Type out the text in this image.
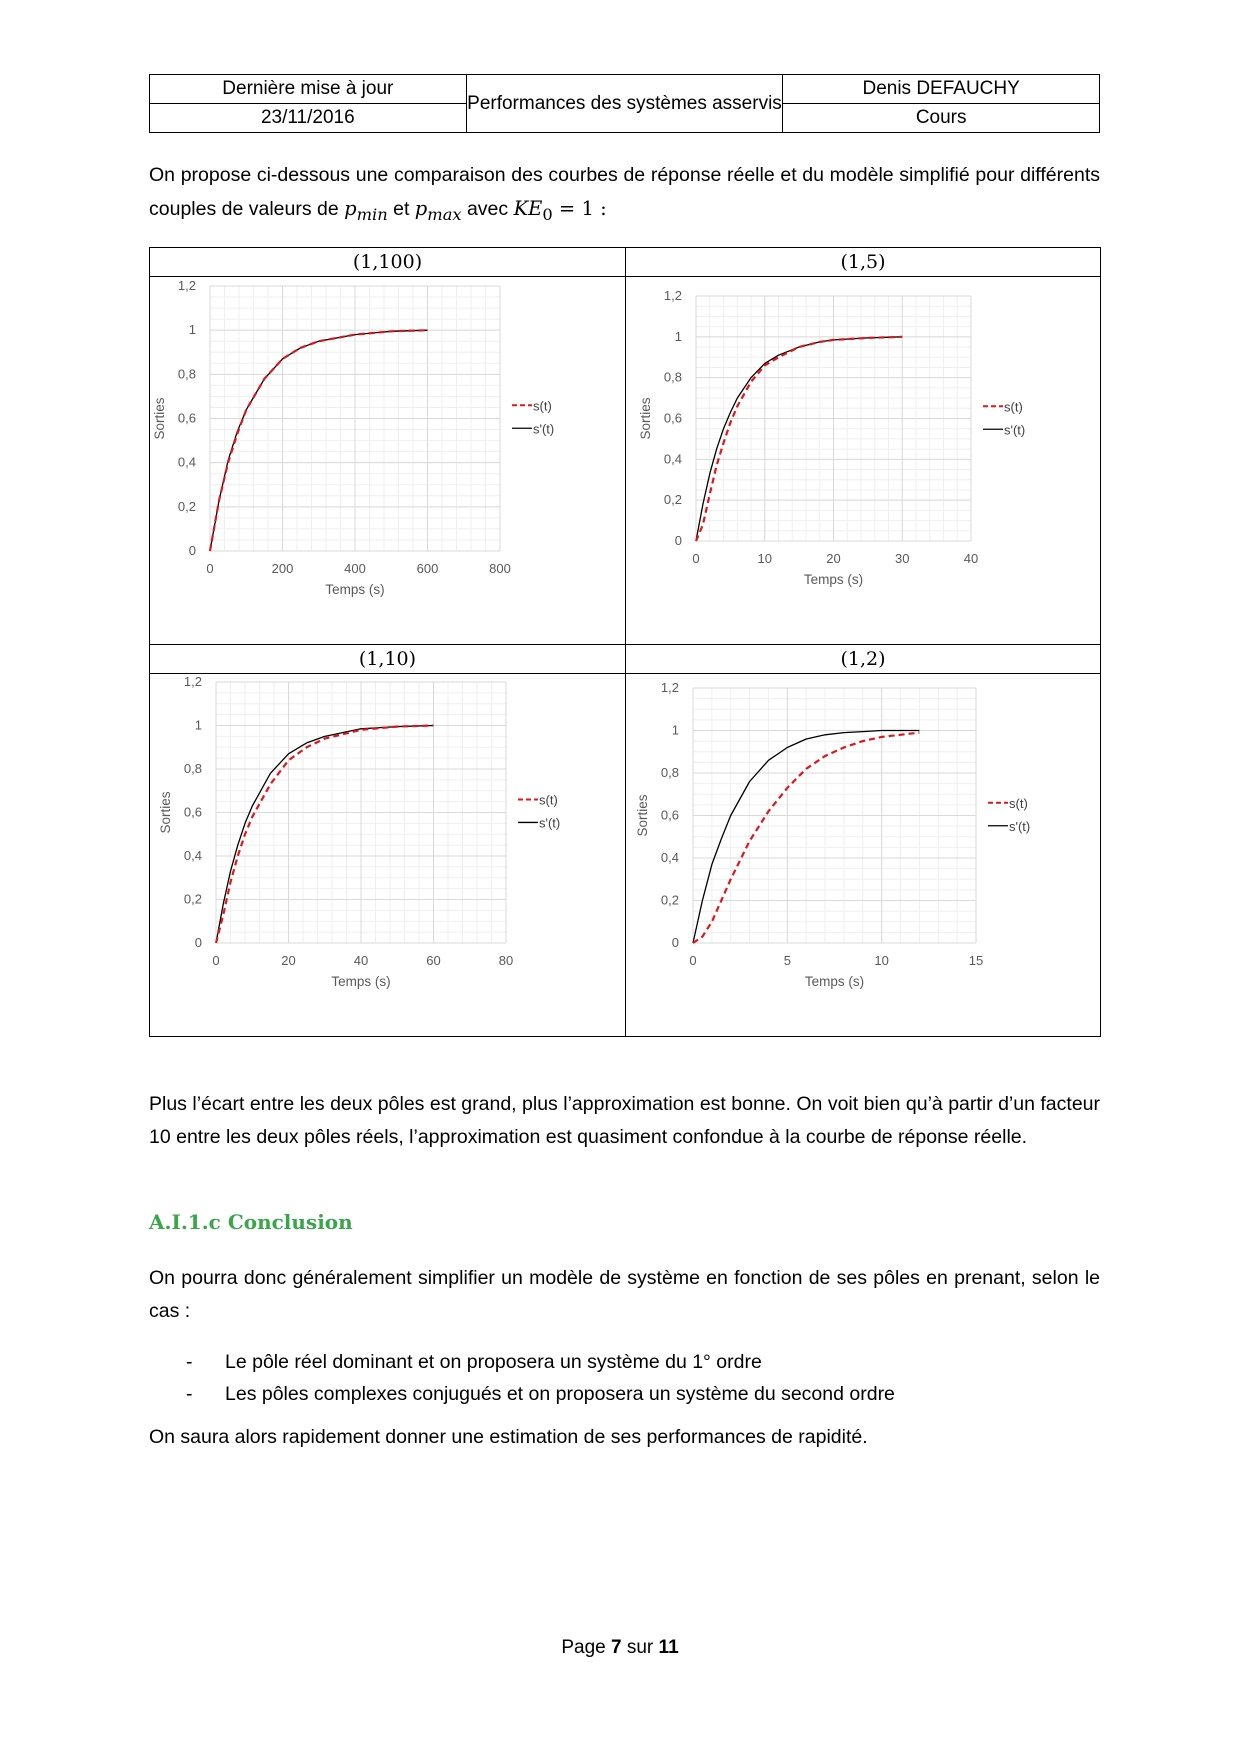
Dernière mise à jour	Performances des systèmes asservis	Denis DEFAUCHY
23/11/2016		Cours
On propose ci-dessous une comparaison des courbes de réponse réelle et du modèle simplifié pour différents couples de valeurs de $p_{min}$ et $p_{max}$ avec $KE_0 = 1$ :
(1,100)
0	200	400	600	800
0
0,2
0,4
0,6
0,8
1
1,2
Temps (s)
Sorties	s(t)
s'(t)
(1,5)
0	10	20	30	40
0
0,2
0,4
0,6
0,8
1
1,2
Temps (s)
Sorties	s(t)
s'(t)
(1,10)
0	20	40	60	80
0
0,2
0,4
0,6
0,8
1
1,2
Temps (s)
Sorties	s(t)
s'(t)
(1,2)
0	5	10	15
0
0,2
0,4
0,6
0,8
1
1,2
Temps (s)
Sorties	s(t)
s'(t)
Plus l’écart entre les deux pôles est grand, plus l’approximation est bonne. On voit bien qu’à partir d’un facteur 10 entre les deux pôles réels, l’approximation est quasiment confondue à la courbe de réponse réelle.
A.I.1.c Conclusion
On pourra donc généralement simplifier un modèle de système en fonction de ses pôles en prenant, selon le cas :
- Le pôle réel dominant et on proposera un système du 1° ordre
- Les pôles complexes conjugués et on proposera un système du second ordre
On saura alors rapidement donner une estimation de ses performances de rapidité.
Page 7 sur 11
